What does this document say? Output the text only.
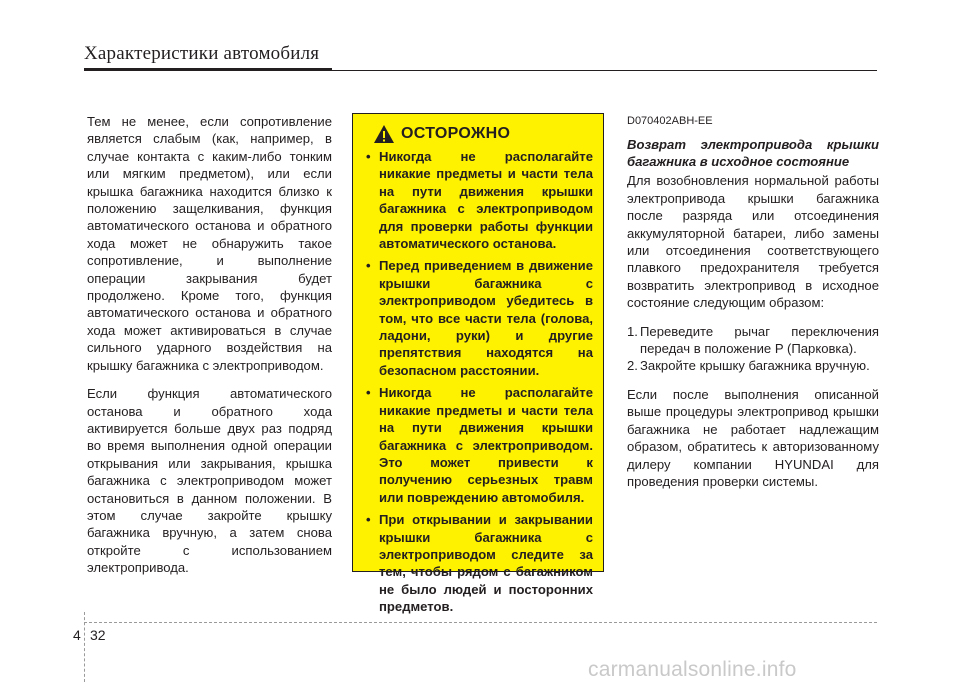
Характеристики автомобиля

Тем не менее, если сопротивление является слабым (как, например, в случае контакта с каким-либо тонким или мягким предметом), или если крышка багажника находится близко к положению защелкивания, функция автоматического останова и обратного хода может не обнаружить такое сопротивление, и выполнение операции закрывания будет продолжено. Кроме того, функция автоматического останова и обратного хода может активироваться в случае сильного ударного воздействия на крышку багажника с электроприводом.

Если функция автоматического останова и обратного хода активируется больше двух раз подряд во время выполнения одной операции открывания или закрывания, крышка багажника с электроприводом может остановиться в данном положении. В этом случае закройте крышку багажника вручную, а затем снова откройте с использованием электропривода.

ОСТОРОЖНО
• Никогда не располагайте никакие предметы и части тела на пути движения крышки багажника с электроприводом для проверки работы функции автоматического останова.
• Перед приведением в движение крышки багажника с электроприводом убедитесь в том, что все части тела (голова, ладони, руки) и другие препятствия находятся на безопасном расстоянии.
• Никогда не располагайте никакие предметы и части тела на пути движения крышки багажника с электроприводом. Это может привести к получению серьезных травм или повреждению автомобиля.
• При открывании и закрывании крышки багажника с электроприводом следите за тем, чтобы рядом с багажником не было людей и посторонних предметов.
D070402ABH-EE
Возврат электропривода крышки багажника в исходное состояние

Для возобновления нормальной работы электропривода крышки багажника после разряда или отсоединения аккумуляторной батареи, либо замены или отсоединения соответствующего плавкого предохранителя требуется возвратить электропривод в исходное состояние следующим образом:

1. Переведите рычаг переключения передач в положение P (Парковка).
2. Закройте крышку багажника вручную.

Если после выполнения описанной выше процедуры электропривод крышки багажника не работает надлежащим образом, обратитесь к авторизованному дилеру компании HYUNDAI для проведения проверки системы.

4 32
carmanualsonline.info
